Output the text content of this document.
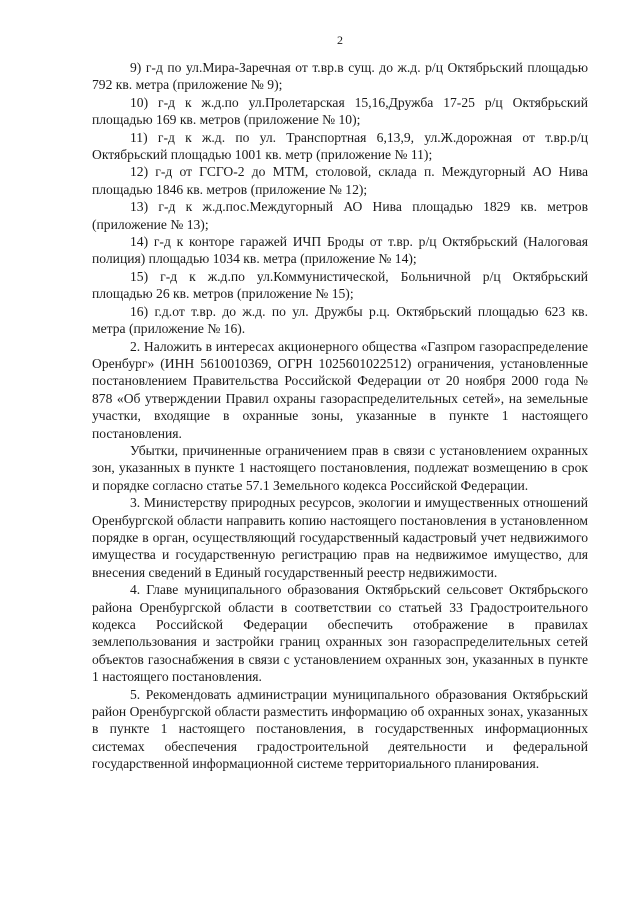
2

9) г-д по ул.Мира-Заречная от т.вр.в сущ. до ж.д. р/ц Октябрьский площадью 792 кв. метра (приложение № 9);

10) г-д к ж.д.по ул.Пролетарская 15,16,Дружба 17-25 р/ц Октябрьский площадью 169 кв. метров (приложение № 10);

11) г-д к ж.д. по ул. Транспортная 6,13,9, ул.Ж.дорожная от т.вр.р/ц Октябрьский площадью 1001 кв. метр (приложение № 11);

12) г-д от ГСГО-2 до МТМ, столовой, склада п. Междугорный АО Нива площадью 1846 кв. метров (приложение № 12);

13) г-д к ж.д.пос.Междугорный АО Нива площадью 1829 кв. метров (приложение № 13);

14) г-д к конторе гаражей ИЧП Броды от т.вр. р/ц Октябрьский (Налоговая полиция) площадью 1034 кв. метра (приложение № 14);

15) г-д к ж.д.по ул.Коммунистической, Больничной р/ц Октябрьский площадью 26 кв. метров (приложение № 15);

16) г.д.от т.вр. до ж.д. по ул. Дружбы р.ц. Октябрьский площадью 623 кв. метра (приложение № 16).

2. Наложить в интересах акционерного общества «Газпром газораспределение Оренбург» (ИНН 5610010369, ОГРН 1025601022512) ограничения, установленные постановлением Правительства Российской Федерации от 20 ноября 2000 года № 878 «Об утверждении Правил охраны газораспределительных сетей», на земельные участки, входящие в охранные зоны, указанные в пункте 1 настоящего постановления.

Убытки, причиненные ограничением прав в связи с установлением охранных зон, указанных в пункте 1 настоящего постановления, подлежат возмещению в срок и порядке согласно статье 57.1 Земельного кодекса Российской Федерации.

3. Министерству природных ресурсов, экологии и имущественных отношений Оренбургской области направить копию настоящего постановления в установленном порядке в орган, осуществляющий государственный кадастровый учет недвижимого имущества и государственную регистрацию прав на недвижимое имущество, для внесения сведений в Единый государственный реестр недвижимости.

4. Главе муниципального образования Октябрьский сельсовет Октябрьского района Оренбургской области в соответствии со статьей 33 Градостроительного кодекса Российской Федерации обеспечить отображение в правилах землепользования и застройки границ охранных зон газораспределительных сетей объектов газоснабжения в связи с установлением охранных зон, указанных в пункте 1 настоящего постановления.

5. Рекомендовать администрации муниципального образования Октябрьский район Оренбургской области разместить информацию об охранных зонах, указанных в пункте 1 настоящего постановления, в государственных информационных системах обеспечения градостроительной деятельности и федеральной государственной информационной системе территориального планирования.
